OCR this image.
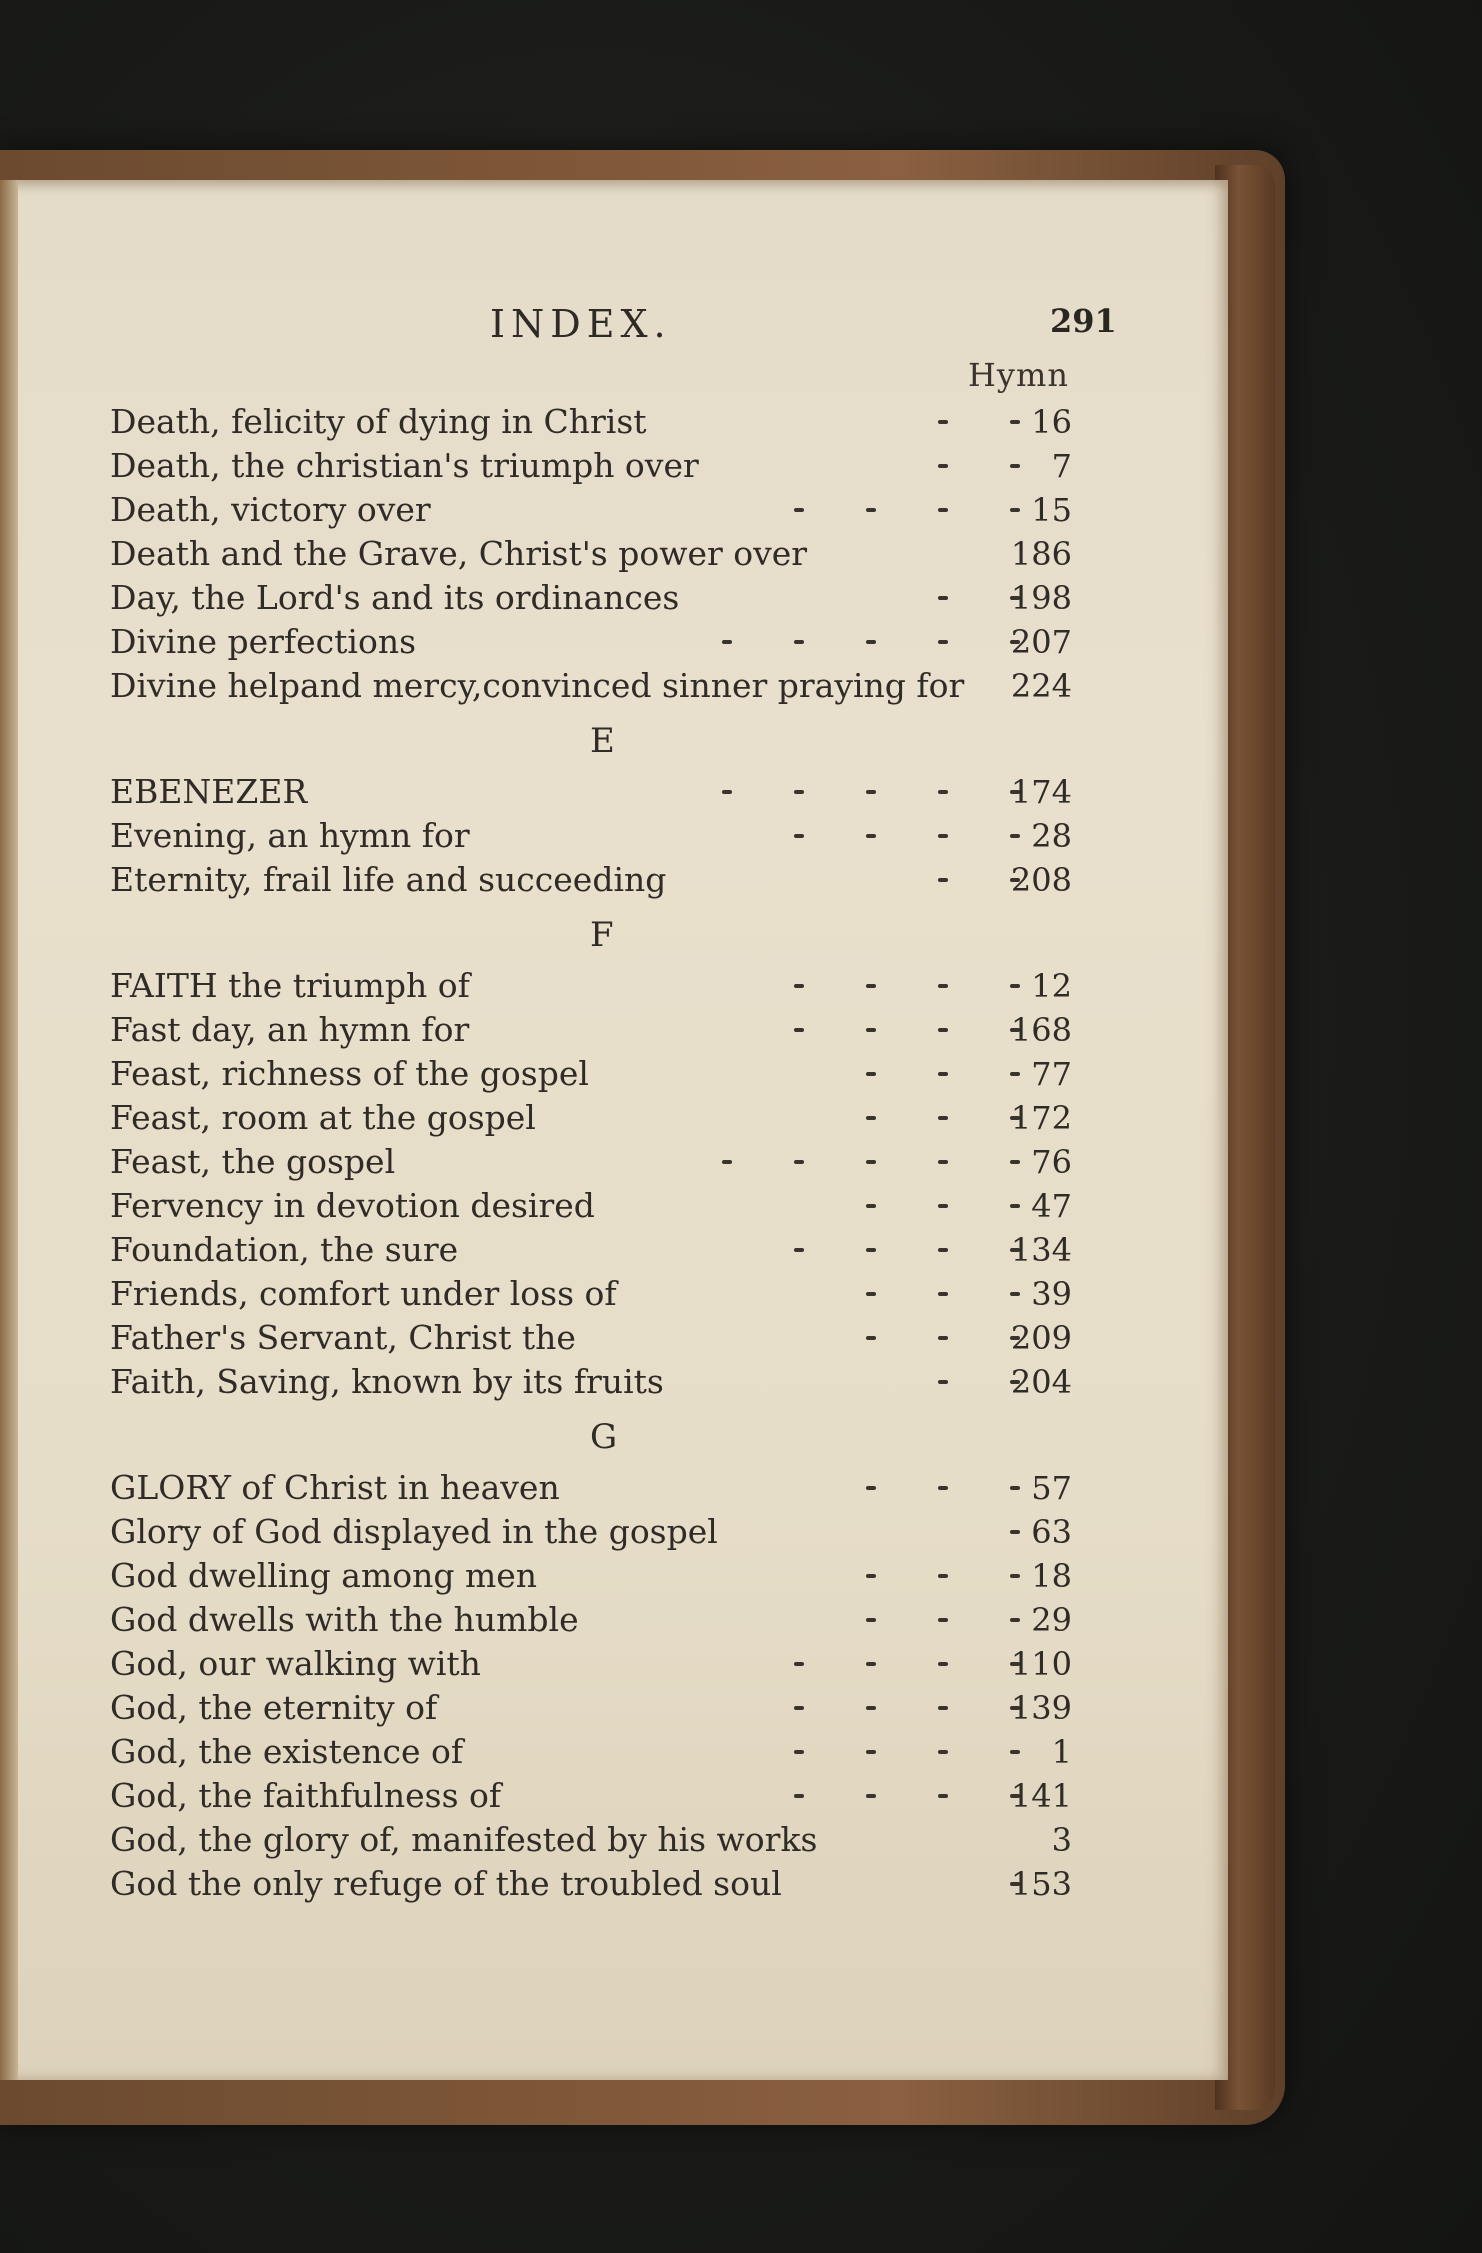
INDEX.	291
Hymn
Death, felicity of dying in Christ	16
Death, the christian's triumph over	7
Death, victory over	15
Death and the Grave, Christ's power over	186
Day, the Lord's and its ordinances	198
Divine perfections	207
Divine helpand mercy,convinced sinner praying for 224
E
EBENEZER	174
Evening, an hymn for	28
Eternity, frail life and succeeding	208
F
FAITH the triumph of	12
Fast day, an hymn for	168
Feast, richness of the gospel	77
Feast, room at the gospel	172
Feast, the gospel	76
Fervency in devotion desired	47
Foundation, the sure	134
Friends, comfort under loss of	39
Father's Servant, Christ the	209
Faith, Saving, known by its fruits	204
G
GLORY of Christ in heaven	57
Glory of God displayed in the gospel	63
God dwelling among men	18
God dwells with the humble	29
God, our walking with	110
God, the eternity of	139
God, the existence of	1
God, the faithfulness of	141
God, the glory of, manifested by his works	3
God the only refuge of the troubled soul	153
